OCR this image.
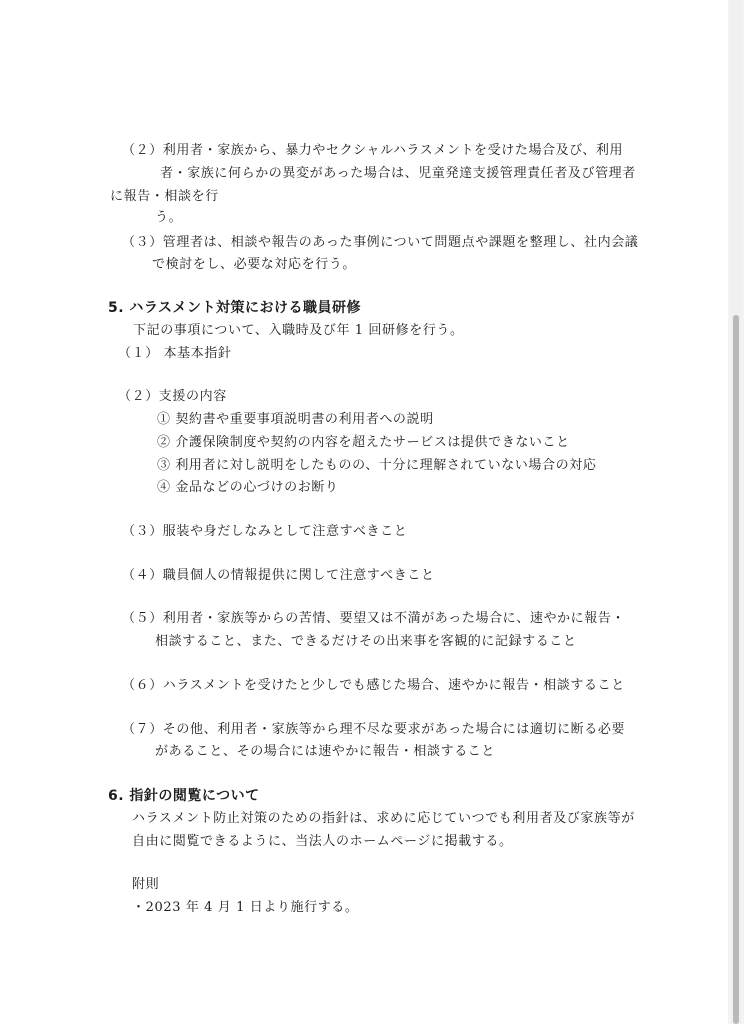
（２）利用者・家族から、暴力やセクシャルハラスメントを受けた場合及び、利用
者・家族に何らかの異変があった場合は、児童発達支援管理責任者及び管理者
に報告・相談を行
う。
（３）管理者は、相談や報告のあった事例について問題点や課題を整理し、社内会議
で検討をし、必要な対応を行う。
5. ハラスメント対策における職員研修
下記の事項について、入職時及び年 1 回研修を行う。
（１） 本基本指針
（２）支援の内容
① 契約書や重要事項説明書の利用者への説明
② 介護保険制度や契約の内容を超えたサービスは提供できないこと
③ 利用者に対し説明をしたものの、十分に理解されていない場合の対応
④ 金品などの心づけのお断り
（３）服装や身だしなみとして注意すべきこと
（４）職員個人の情報提供に関して注意すべきこと
（５）利用者・家族等からの苦情、要望又は不満があった場合に、速やかに報告・
相談すること、また、できるだけその出来事を客観的に記録すること
（６）ハラスメントを受けたと少しでも感じた場合、速やかに報告・相談すること
（７）その他、利用者・家族等から理不尽な要求があった場合には適切に断る必要
があること、その場合には速やかに報告・相談すること
6. 指針の閲覧について
ハラスメント防止対策のための指針は、求めに応じていつでも利用者及び家族等が
自由に閲覧できるように、当法人のホームページに掲載する。
附則
・2023 年 4 月 1 日より施行する。
